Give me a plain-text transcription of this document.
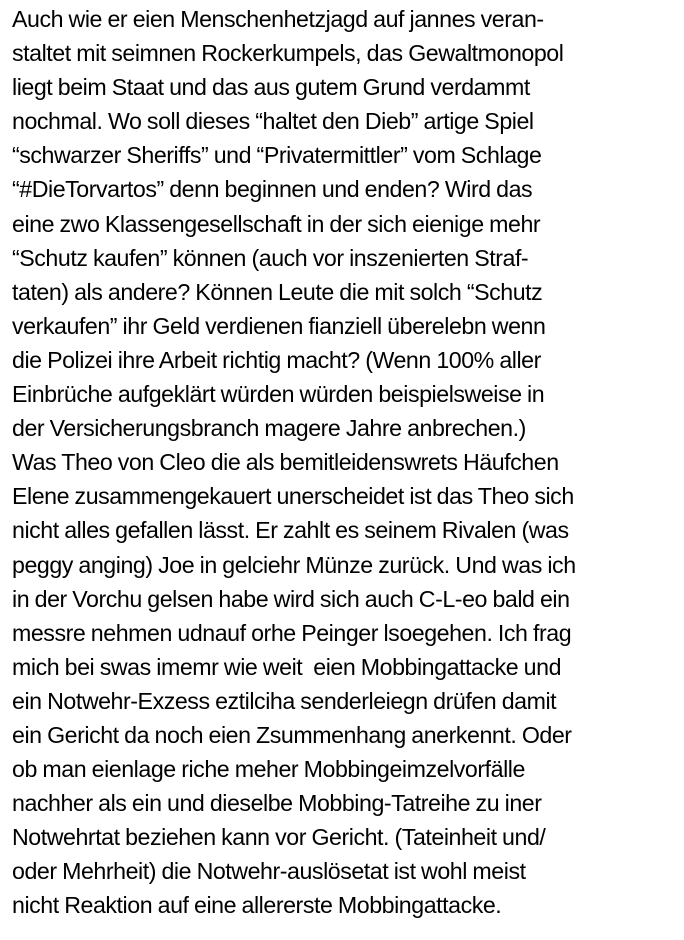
Auch wie er eien Menschenhetzjagd auf jannes veran-
staltet mit seimnen Rockerkumpels, das Gewaltmonopol
liegt beim Staat und das aus gutem Grund verdammt
nochmal. Wo soll dieses “haltet den Dieb” artige Spiel
“schwarzer Sheriffs” und “Privatermittler” vom Schlage
“#DieTorvartos” denn beginnen und enden? Wird das
eine zwo Klassengesellschaft in der sich eienige mehr
“Schutz kaufen” können (auch vor inszenierten Straf-
taten) als andere? Können Leute die mit solch “Schutz
verkaufen” ihr Geld verdienen fianziell überelebn wenn
die Polizei ihre Arbeit richtig macht? (Wenn 100% aller
Einbrüche aufgeklärt würden würden beispielsweise in
der Versicherungsbranch magere Jahre anbrechen.)
Was Theo von Cleo die als bemitleidenswrets Häufchen
Elene zusammengekauert unerscheidet ist das Theo sich
nicht alles gefallen lässt. Er zahlt es seinem Rivalen (was
peggy anging) Joe in gelciehr Münze zurück. Und was ich
in der Vorchu gelsen habe wird sich auch C-L-eo bald ein
messre nehmen udnauf orhe Peinger lsoegehen. Ich frag
mich bei swas imemr wie weit  eien Mobbingattacke und
ein Notwehr-Exzess eztilciha senderleiegn drüfen damit
ein Gericht da noch eien Zsummenhang anerkennt. Oder
ob man eienlage riche meher Mobbingeimzelvorfälle
nachher als ein und dieselbe Mobbing-Tatreihe zu iner
Notwehrtat beziehen kann vor Gericht. (Tateinheit und/
oder Mehrheit) die Notwehr-auslösetat ist wohl meist
nicht Reaktion auf eine allererste Mobbingattacke.
